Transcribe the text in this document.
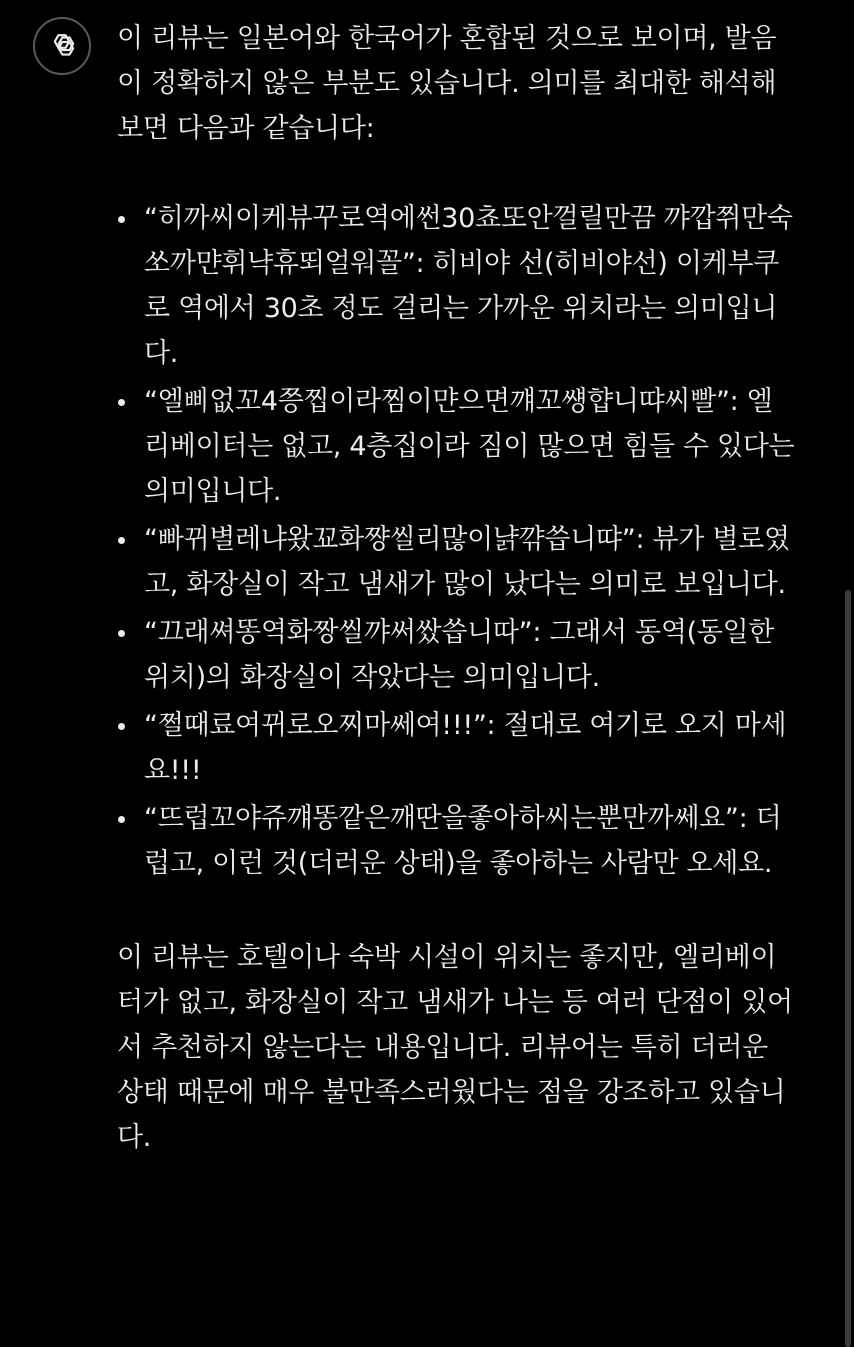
이 리뷰는 일본어와 한국어가 혼합된 것으로 보이며, 발음이 정확하지 않은 부분도 있습니다. 의미를 최대한 해석해보면 다음과 같습니다:

“히까씨이케뷰꾸로역에썬30쵸또안껄릴만끔 꺄깝쮜만숙쏘까먄휘냑휴뙤얼워꼴”: 히비야 선(히비야선) 이케부쿠로 역에서 30초 정도 걸리는 가까운 위치라는 의미입니다.
“엘삐없꼬4쯩찝이라찜이먄으면꺠꼬썡햡니땨씨빨”: 엘리베이터는 없고, 4층집이라 짐이 많으면 힘들 수 있다는 의미입니다.
“빠뀌별레냐왔꾜화쨩씰리많이냙꺆씁니땨”: 뷰가 별로였고, 화장실이 작고 냄새가 많이 났다는 의미로 보입니다.
“끄래쎠똥역화짱씰꺄써쌌씁니따”: 그래서 동역(동일한 위치)의 화장실이 작았다는 의미입니다.
“쩔때료여뀌로오찌마쎄여!!!”: 절대로 여기로 오지 마세요!!!
“뜨럽꼬야쥬꺠똥깥은깨딴을좋아하씨는뿐만까쎄요”: 더럽고, 이런 것(더러운 상태)을 좋아하는 사람만 오세요.

이 리뷰는 호텔이나 숙박 시설이 위치는 좋지만, 엘리베이터가 없고, 화장실이 작고 냄새가 나는 등 여러 단점이 있어서 추천하지 않는다는 내용입니다. 리뷰어는 특히 더러운 상태 때문에 매우 불만족스러웠다는 점을 강조하고 있습니다.
